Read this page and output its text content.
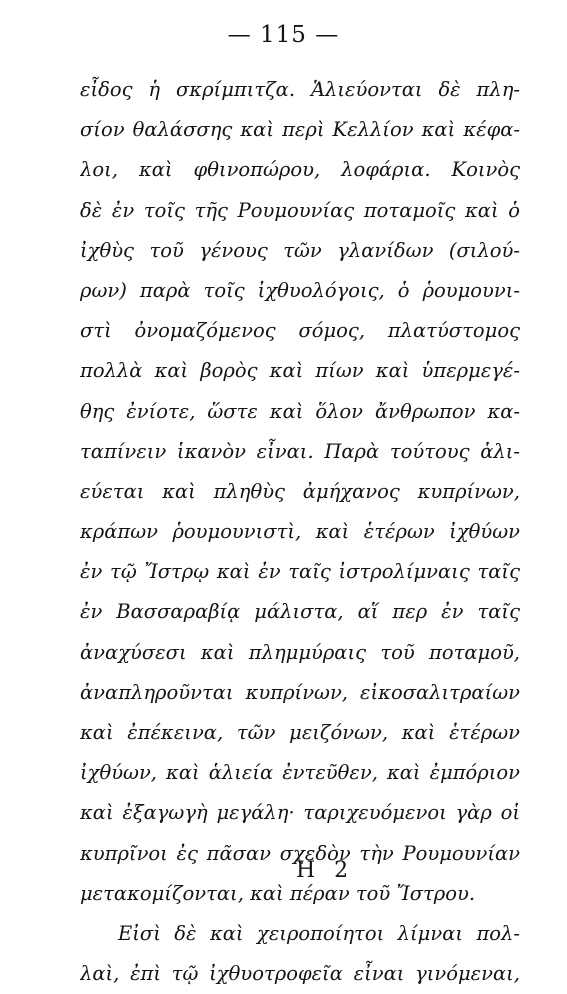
— 115 —
εἶδος ἡ σκρίμπιτζα. Ἁλιεύονται δὲ πλη-
σίον θαλάσσης καὶ περὶ Κελλίον καὶ κέφα-
λοι, καὶ φθινοπώρου, λοφάρια. Κοινὸς
δὲ ἐν τοῖς τῆς Ρουμουνίας ποταμοῖς καὶ ὁ
ἰχθὺς τοῦ γένους τῶν γλανίδων (σιλού-
ρων) παρὰ τοῖς ἰχθυολόγοις, ὁ ῥουμουνι-
στὶ ὀνομαζόμενος σόμος, πλατύστομος
πολλὰ καὶ βορὸς καὶ πίων καὶ ὑπερμεγέ-
θης ἐνίοτε, ὥστε καὶ ὅλον ἄνθρωπον κα-
ταπίνειν ἱκανὸν εἶναι. Παρὰ τούτους ἁλι-
εύεται καὶ πληθὺς ἀμήχανος κυπρίνων,
κράπων ῥουμουνιστὶ, καὶ ἑτέρων ἰχθύων
ἐν τῷ Ἴστρῳ καὶ ἐν ταῖς ἰστρολίμναις ταῖς
ἐν Βασσαραβίᾳ μάλιστα, αἵ περ ἐν ταῖς
ἀναχύσεσι καὶ πλημμύραις τοῦ ποταμοῦ,
ἀναπληροῦνται κυπρίνων, εἰκοσαλιτραίων
καὶ ἐπέκεινα, τῶν μειζόνων, καὶ ἑτέρων
ἰχθύων, καὶ ἁλιεία ἐντεῦθεν, καὶ ἐμπόριον
καὶ ἐξαγωγὴ μεγάλη· ταριχευόμενοι γὰρ οἱ
κυπρῖνοι ἐς πᾶσαν σχεδὸν τὴν Ρουμουνίαν
μετακομίζονται, καὶ πέραν τοῦ Ἴστρου.
Εἰσὶ δὲ καὶ χειροποίητοι λίμναι πολ-
λαὶ, ἐπὶ τῷ ἰχθυοτροφεῖα εἶναι γινόμεναι,
Η 2
